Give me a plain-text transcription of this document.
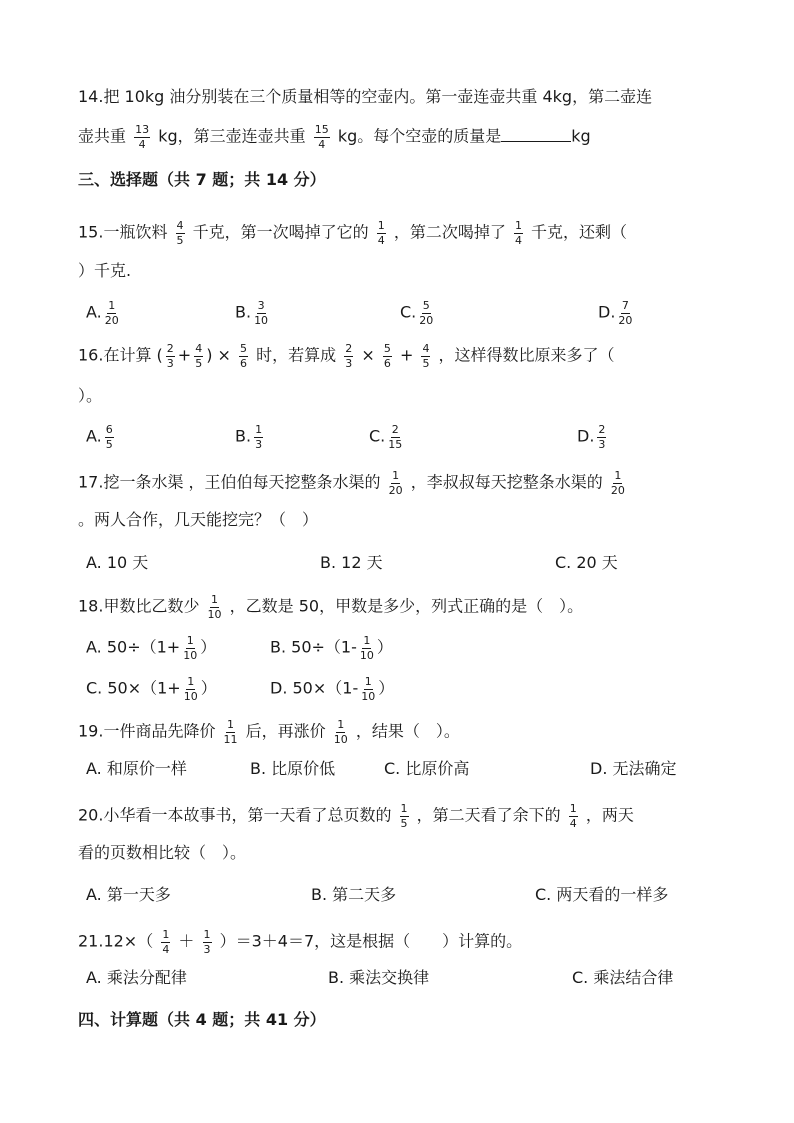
14.把 10kg 油分别装在三个质量相等的空壶内。第一壶连壶共重 4kg，第二壶连
壶共重 $\frac{13}{4}$ kg，第三壶连壶共重 $\frac{15}{4}$ kg。每个空壶的质量是	kg
三、选择题（共 7 题；共 14 分）
15.一瓶饮料 $\frac{4}{5}$ 千克，第一次喝掉了它的 $\frac{1}{4}$ ，第二次喝掉了 $\frac{1}{4}$ 千克，还剩（
）千克.
A. $\frac{1}{20}$	B. $\frac{3}{10}$	C. $\frac{5}{20}$	D. $\frac{7}{20}$
16.在计算 ( $\frac{2}{3} + \frac{4}{5}$ ) × $\frac{5}{6}$ 时，若算成 $\frac{2}{3} \times \frac{5}{6} + \frac{4}{5}$ ，这样得数比原来多了（
）。
A. $\frac{6}{5}$	B. $\frac{1}{3}$	C. $\frac{2}{15}$	D. $\frac{2}{3}$
17.挖一条水渠 ，王伯伯每天挖整条水渠的 $\frac{1}{20}$ ，李叔叔每天挖整条水渠的 $\frac{1}{20}$
。两人合作，几天能挖完？（　）
A. 10 天	B. 12 天	C. 20 天
18.甲数比乙数少 $\frac{1}{10}$ ，乙数是 50，甲数是多少，列式正确的是（　）。
A. $50\div(1+ \frac{1}{10}$ ）	B. $50\div(1- \frac{1}{10}$ ）
C. $50\times(1+ \frac{1}{10}$ ）	D. $50\times(1- \frac{1}{10}$ ）
19.一件商品先降价 $\frac{1}{11}$ 后，再涨价 $\frac{1}{10}$ ，结果（　）。
A. 和原价一样	B. 比原价低	C. 比原价高	D. 无法确定
20.小华看一本故事书，第一天看了总页数的 $\frac{1}{5}$ ，第二天看了余下的 $\frac{1}{4}$ ，两天
看的页数相比较（　）。
A. 第一天多	B. 第二天多	C. 两天看的一样多
$21.12\times( \frac{1}{4} + \frac{1}{3} )=3+4=7$，这是根据（　　）计算的。
A. 乘法分配律	B. 乘法交换律	C. 乘法结合律
四、计算题（共 4 题；共 41 分）
